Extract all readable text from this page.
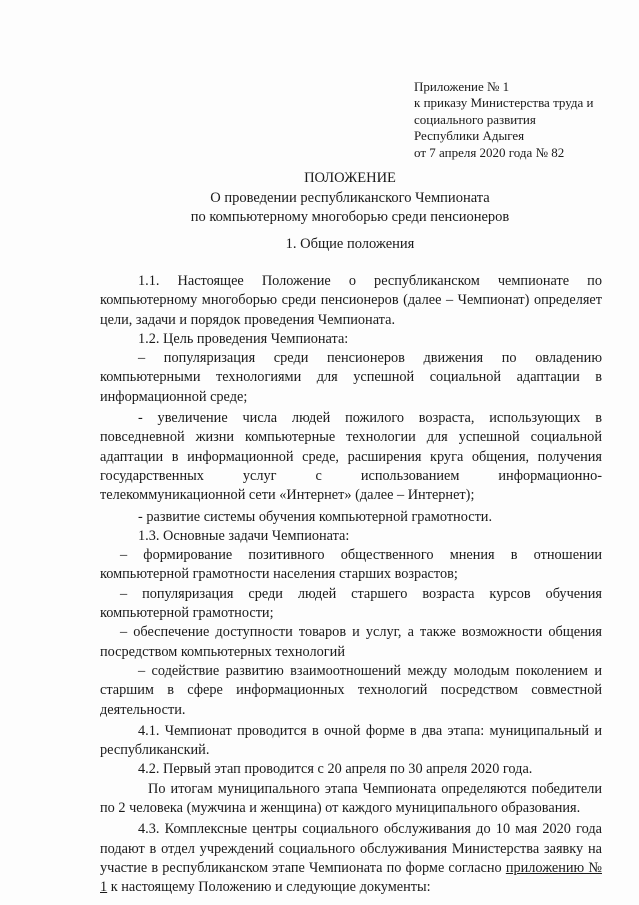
Приложение № 1
к приказу Министерства труда и
социального развития
Республики Адыгея
от 7 апреля 2020 года № 82
ПОЛОЖЕНИЕ
О проведении республиканского Чемпионата
по компьютерному многоборью среди пенсионеров
1. Общие положения

1.1. Настоящее Положение о республиканском чемпионате по компьютерному многоборью среди пенсионеров (далее – Чемпионат) определяет цели, задачи и порядок проведения Чемпионата.

1.2. Цель проведения Чемпионата:

– популяризация среди пенсионеров движения по овладению компьютерными технологиями для успешной социальной адаптации в информационной среде;

- увеличение числа людей пожилого возраста, использующих в повседневной жизни компьютерные технологии для успешной социальной адаптации в информационной среде, расширения круга общения, получения государственных услуг с использованием информационно-телекоммуникационной сети «Интернет» (далее – Интернет);

- развитие системы обучения компьютерной грамотности.

1.3. Основные задачи Чемпионата:

– формирование позитивного общественного мнения в отношении компьютерной грамотности населения старших возрастов;

– популяризация среди людей старшего возраста курсов обучения компьютерной грамотности;

– обеспечение доступности товаров и услуг, а также возможности общения посредством компьютерных технологий

– содействие развитию взаимоотношений между молодым поколением и старшим в сфере информационных технологий посредством совместной деятельности.

4.1. Чемпионат проводится в очной форме в два этапа: муниципальный и республиканский.

4.2. Первый этап проводится с 20 апреля по 30 апреля 2020 года.

По итогам муниципального этапа Чемпионата определяются победители по 2 человека (мужчина и женщина) от каждого муниципального образования.

4.3. Комплексные центры социального обслуживания до 10 мая 2020 года подают в отдел учреждений социального обслуживания Министерства заявку на участие в республиканском этапе Чемпионата по форме согласно приложению № 1 к настоящему Положению и следующие документы:
